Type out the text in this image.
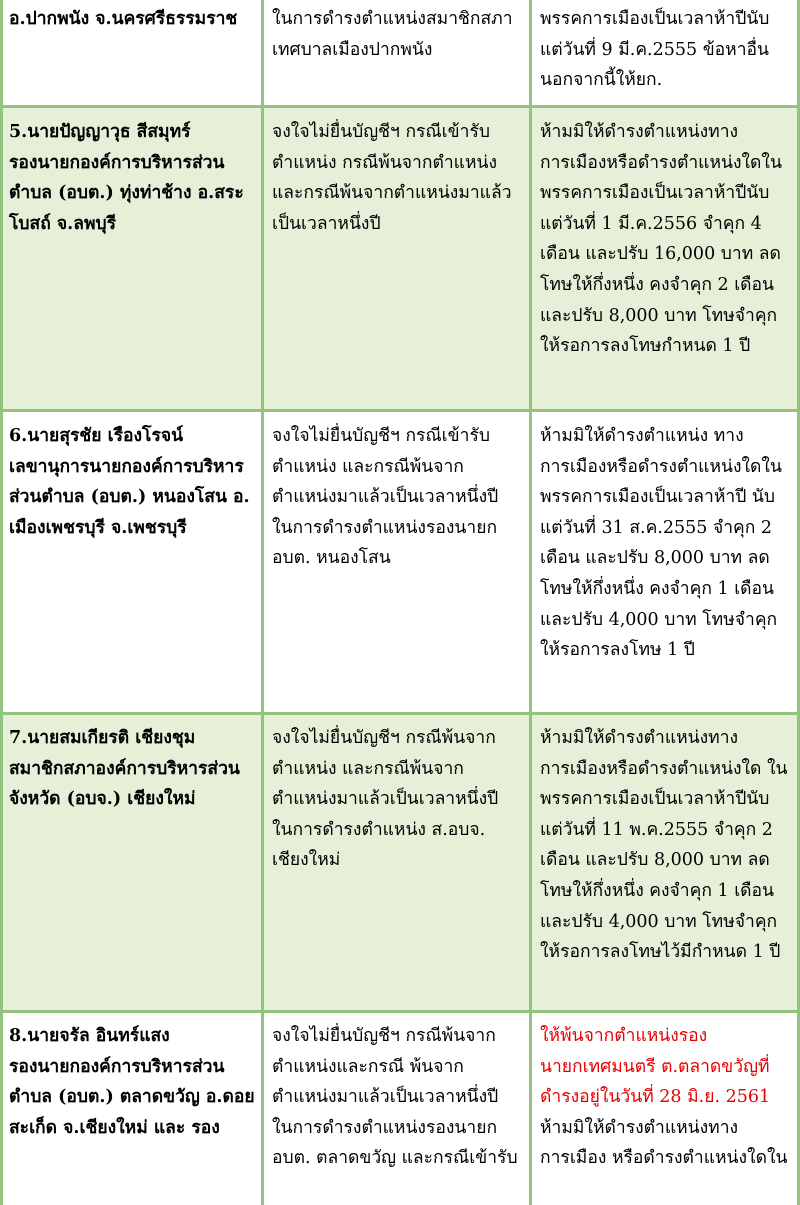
อ.ปากพนัง จ.นครศรีธรรมราช	ในการดำรงตำแหน่งสมาชิกสภา
เทศบาลเมืองปากพนัง
พรรคการเมืองเป็นเวลาห้าปีนับ
แต่วันที่ 9 มี.ค.2555 ข้อหาอื่น
นอกจากนี้ให้ยก.
5.นายปัญญาวุธ สีสมุทร์
รองนายกองค์การบริหารส่วน
ตำบล (อบต.) ทุ่งท่าช้าง อ.สระ
โบสถ์ จ.ลพบุรี
จงใจไม่ยื่นบัญชีฯ กรณีเข้ารับ
ตำแหน่ง กรณีพ้นจากตำแหน่ง
และกรณีพ้นจากตำแหน่งมาแล้ว
เป็นเวลาหนึ่งปี
ห้ามมิให้ดำรงตำแหน่งทาง
การเมืองหรือดำรงตำแหน่งใดใน
พรรคการเมืองเป็นเวลาห้าปีนับ
แต่วันที่ 1 มี.ค.2556 จำคุก 4
เดือน และปรับ 16,000 บาท ลด
โทษให้กึ่งหนึ่ง คงจำคุก 2 เดือน
และปรับ 8,000 บาท โทษจำคุก
ให้รอการลงโทษกำหนด 1 ปี
6.นายสุรชัย เรืองโรจน์
เลขานุการนายกองค์การบริหาร
ส่วนตำบล (อบต.) หนองโสน อ.
เมืองเพชรบุรี จ.เพชรบุรี
จงใจไม่ยื่นบัญชีฯ กรณีเข้ารับ
ตำแหน่ง และกรณีพ้นจาก
ตำแหน่งมาแล้วเป็นเวลาหนึ่งปี
ในการดำรงตำแหน่งรองนายก
อบต. หนองโสน
ห้ามมิให้ดำรงตำแหน่ง ทาง
การเมืองหรือดำรงตำแหน่งใดใน
พรรคการเมืองเป็นเวลาห้าปี นับ
แต่วันที่ 31 ส.ค.2555 จำคุก 2
เดือน และปรับ 8,000 บาท ลด
โทษให้กึ่งหนึ่ง คงจำคุก 1 เดือน
และปรับ 4,000 บาท โทษจำคุก
ให้รอการลงโทษ 1 ปี
7.นายสมเกียรติ เชียงชุม
สมาชิกสภาองค์การบริหารส่วน
จังหวัด (อบจ.) เชียงใหม่
จงใจไม่ยื่นบัญชีฯ กรณีพ้นจาก
ตำแหน่ง และกรณีพ้นจาก
ตำแหน่งมาแล้วเป็นเวลาหนึ่งปี
ในการดำรงตำแหน่ง ส.อบจ.
เชียงใหม่
ห้ามมิให้ดำรงตำแหน่งทาง
การเมืองหรือดำรงตำแหน่งใด ใน
พรรคการเมืองเป็นเวลาห้าปีนับ
แต่วันที่ 11 พ.ค.2555 จำคุก 2
เดือน และปรับ 8,000 บาท ลด
โทษให้กึ่งหนึ่ง คงจำคุก 1 เดือน
และปรับ 4,000 บาท โทษจำคุก
ให้รอการลงโทษไว้มีกำหนด 1 ปี
8.นายจรัล อินทร์แสง
รองนายกองค์การบริหารส่วน
ตำบล (อบต.) ตลาดขวัญ อ.ดอย
สะเก็ด จ.เชียงใหม่ และ รอง
จงใจไม่ยื่นบัญชีฯ กรณีพ้นจาก
ตำแหน่งและกรณี พ้นจาก
ตำแหน่งมาแล้วเป็นเวลาหนึ่งปี
ในการดำรงตำแหน่งรองนายก
อบต. ตลาดขวัญ และกรณีเข้ารับ
ให้พ้นจากตำแหน่งรอง
นายกเทศมนตรี ต.ตลาดขวัญที่
ดำรงอยู่ในวันที่ 28 มิ.ย. 2561
ห้ามมิให้ดำรงตำแหน่งทาง
การเมือง หรือดำรงตำแหน่งใดใน
